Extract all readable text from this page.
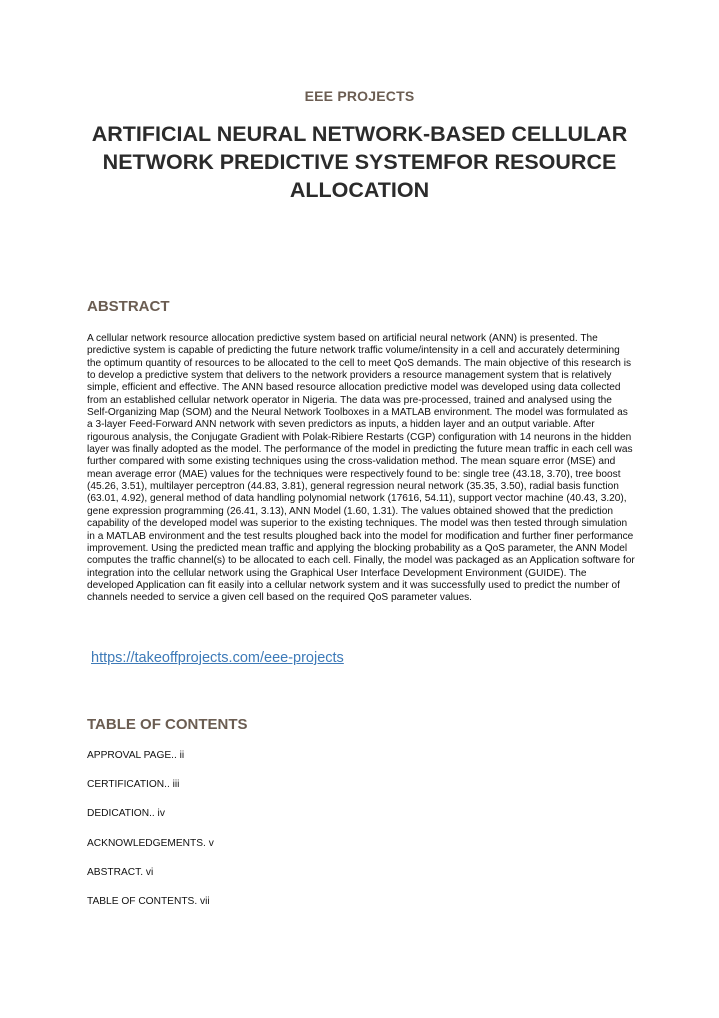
EEE PROJECTS
ARTIFICIAL NEURAL NETWORK-BASED CELLULAR NETWORK PREDICTIVE SYSTEMFOR RESOURCE ALLOCATION
ABSTRACT

A cellular network resource allocation predictive system based on artificial neural network (ANN) is presented. The predictive system is capable of predicting the future network traffic volume/intensity in a cell and accurately determining the optimum quantity of resources to be allocated to the cell to meet QoS demands. The main objective of this research is to develop a predictive system that delivers to the network providers a resource management system that is relatively simple, efficient and effective. The ANN based resource allocation predictive model was developed using data collected from an established cellular network operator in Nigeria. The data was pre-processed, trained and analysed using the Self-Organizing Map (SOM) and the Neural Network Toolboxes in a MATLAB environment. The model was formulated as a 3-layer Feed-Forward ANN network with seven predictors as inputs, a hidden layer and an output variable. After rigourous analysis, the Conjugate Gradient with Polak-Ribiere Restarts (CGP) configuration with 14 neurons in the hidden layer was finally adopted as the model. The performance of the model in predicting the future mean traffic in each cell was further compared with some existing techniques using the cross-validation method. The mean square error (MSE) and mean average error (MAE) values for the techniques were respectively found to be: single tree (43.18, 3.70), tree boost (45.26, 3.51), multilayer perceptron (44.83, 3.81), general regression neural network (35.35, 3.50), radial basis function (63.01, 4.92), general method of data handling polynomial network (17616, 54.11), support vector machine (40.43, 3.20), gene expression programming (26.41, 3.13), ANN Model (1.60, 1.31). The values obtained showed that the prediction capability of the developed model was superior to the existing techniques. The model was then tested through simulation in a MATLAB environment and the test results ploughed back into the model for modification and further finer performance improvement. Using the predicted mean traffic and applying the blocking probability as a QoS parameter, the ANN Model computes the traffic channel(s) to be allocated to each cell. Finally, the model was packaged as an Application software for integration into the cellular network using the Graphical User Interface Development Environment (GUIDE). The developed Application can fit easily into a cellular network system and it was successfully used to predict the number of channels needed to service a given cell based on the required QoS parameter values.

https://takeoffprojects.com/eee-projects
TABLE OF CONTENTS
APPROVAL PAGE.. ii
CERTIFICATION.. iii
DEDICATION.. iv
ACKNOWLEDGEMENTS. v
ABSTRACT. vi
TABLE OF CONTENTS. vii
